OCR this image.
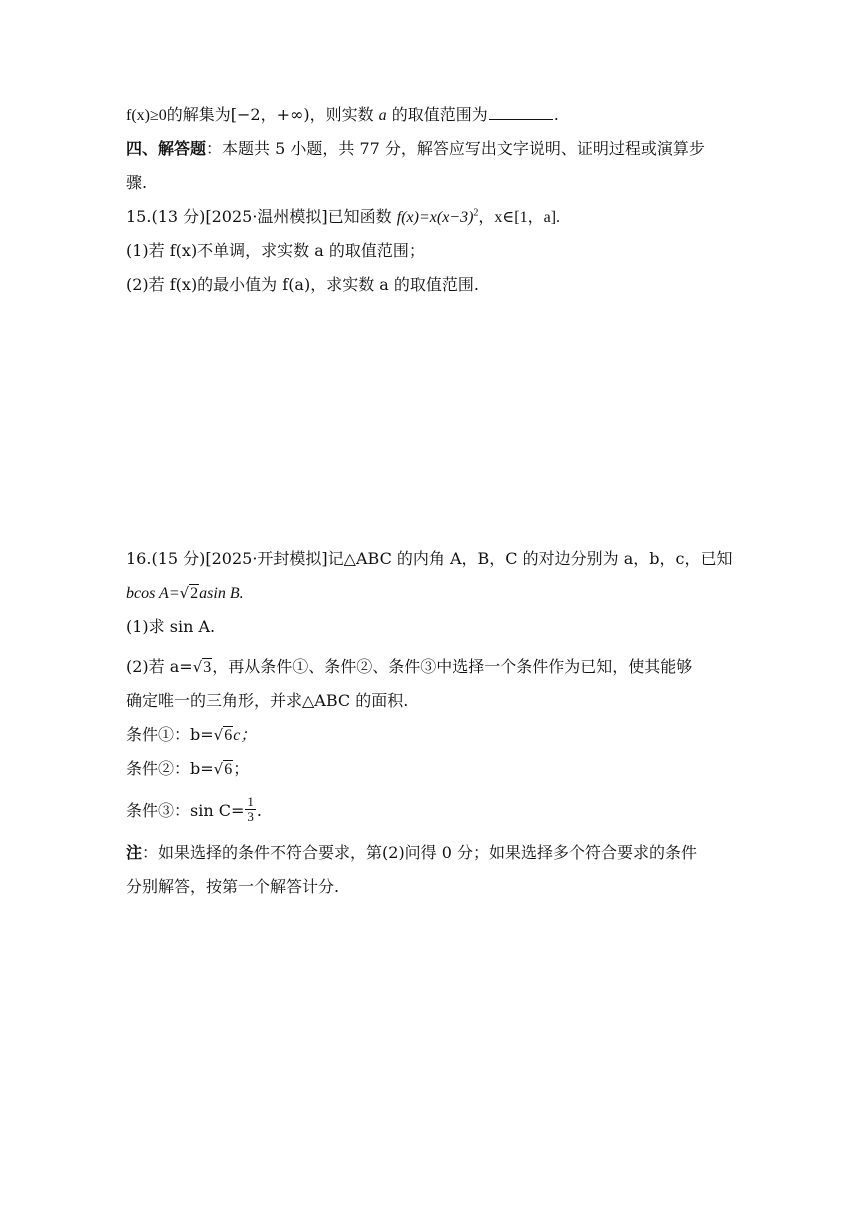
f(x)≥0的解集为[−2，+∞)，则实数 a 的取值范围为	.
四、解答题：本题共 5 小题，共 77 分，解答应写出文字说明、证明过程或演算步
骤.
15.(13 分)[2025·温州模拟]已知函数 $f(x)=x(x-3)^2$，x∈[1，a].
(1)若 f(x)不单调，求实数 a 的取值范围；
(2)若 f(x)的最小值为 f(a)，求实数 a 的取值范围.
16.(15 分)[2025·开封模拟]记△ABC 的内角 A，B，C 的对边分别为 a，b，c，已知
bcos A=√2asin B.
(1)求 sin A.
(2)若 a=√3，再从条件①、条件②、条件③中选择一个条件作为已知，使其能够
确定唯一的三角形，并求△ABC 的面积.
条件①：b=√6c；
条件②：b=√6；
条件③：$\sin C= \frac{1}{3}$ .
注：如果选择的条件不符合要求，第(2)问得 0 分；如果选择多个符合要求的条件
分别解答，按第一个解答计分.
